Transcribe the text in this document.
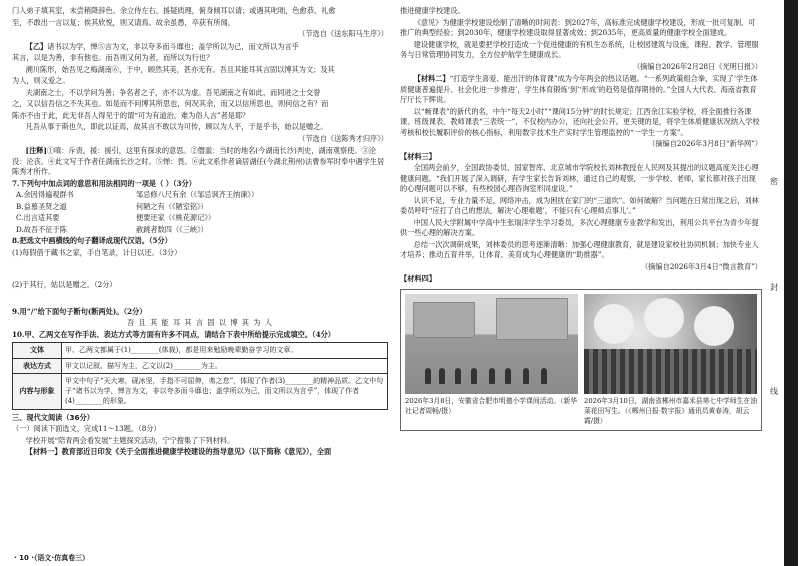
门人弟子填其室，未尝稍降辞色。余立侍左右，援疑质理，俯身倾耳以请；或遇其叱咄，色愈恭，礼愈

至，不敢出一言以复；俟其欣悦，则又请焉。故余虽愚，卒获有所闻。

（节选自《送东阳马生序》）

【乙】诸书以为学，惮⑤言为文，非以夸多而斗靡也；盖学所以为己，而文所以为言乎

其言，以是为善，非有他也。而吾则又何为者，而所以为行也？

溯川陈形，始吾见之梅湖南⑥，于中，顾然其美，甚亦无有。吾且其能耳其言固以博其为文；及其

为人，则又爱之。

夫湖南之士，不以学问为善；争名者之子，亦不以为虚。吾见湖南之有如此，而同进之士交誉

之，又以信吾信之不失其也。如是而不问博其所思也，何况其余，而又以信所思也，则何信之有？而

陈亦不由于此，此无非吾人得见于的谓“可为有道治，难为俗人言”者是耶？

凡吾从事于斯也久，即此以证焉，故其言不敢以为可传，顾以为人平，于是乎书，始以是赠之。

（节选自《送陈秀才归序》）

[注释]①嗔：斥责。援：援引，这里有探求的意思。②僭滥：当时的地名(今湖南长沙)判史，湖南观察使。③沦没：沦丧。④此文写于作者任湖南长沙之时。⑤惮：畏。⑥此文系作者谪居湖任(今湖北荆州)法曹参军时奉中遇学生居陈秀才所作。

7.下列句中加点词的意思和用法相同的一项是（ ）（3分）

A.余因得遍观群书	邹忌修八尺有余（《邹忌讽齐王纳谏》）

B.益慕圣贤之道	何陋之有（《陋室铭》）

C.出言适其要	便要还家（《桃花源记》）

D.故吾不征于陈	赦跳者数四（《三峡》）

8.把选文中画横线的句子翻译成现代汉语。（5分）

(1)每假借于藏书之家，手自笔录，计日以还。（3分）

(2)于其行，姑以是赠之。（2分）

9.用“/”给下面句子断句(断两处)。（2分）

吾 且 其 能 耳 其 言 固 以 博 其 为 人

10.甲、乙两文在写作手法、表达方式等方面有许多不同点，请结合下表中所给提示完成填空。（4分）

文体	甲、乙两文都属于(1)________(体裁)，都是用来勉励晚辈勤奋学习的文章。
表达方式	甲文以记叙、描写为主，乙文以(2)________为主。
内容与形象	甲文中句子“天大寒，砚冰坚，手指不可屈伸，弗之怠”，体现了作者(3)________的精神品质。乙文中句子“诸书以为学，惮言为文，非以夸多而斗靡也；盖学所以为己，而文所以为言乎”，体现了作者(4)________的形象。

三、现代文阅读（36分）

（一）阅读下面选文，完成11～13题。（8分）

学校开展“陪青两会看发展”主题探究活动，宁宁搜集了下列材料。

【材料一】教育部近日印发《关于全面推进健康学校建设的指导意见》（以下简称《意见》），全面

推进健康学校建设。

《意见》为健康学校建设绘制了清晰的时间表：到2027年，高标准完成健康学校建设，形成一批可复制、可推广的典型经验；到2030年，健康学校建设取得显著成效；到2035年，更高质量的健康学校全面建成。

建设健康学校，就是要把学校打造成一个促进健康的有机生态系统，让校园建筑与设施，课程、教学、管理服务与日常管理协同发力，全方位护航学生健康成长。

（摘编自2026年2月28日《光明日报》）

【材料二】“打造学生喜爱、能出汗的体育课”成为今年两会的热议话题。“一系列政策组合拳，实现了‘学生体质健康普遍提升、社会化进一步推进’，学生体育锻炼‘到’‘形成’的趋势是值得期待的。”全国人大代表、海南省教育厅厅长下辉说。

以“畅课表”的新代的名，中午“每天2小时”“课间15分钟”的时长规定；江西余江实验学校，将全面推行各课课、班级课表、教师课表“三表统一”，不仅校内办公，还向社会公开。更关键的是，将学生体质健康状况纳入学校考核和校长履职评价的核心指标，利用数字技术生产实时学生管理监控的“一学生一方案”。

（摘编自2026年3月8日“新华网”）

【材料三】

全国两会前夕，全国政协委员，国家智库、北京城市学院校长刘林教授在人民网及其提出的议题高度关注心理健康问题。“我们开展了深入调研，有学生家长告诉刘林，通过自己的观察，一步学校、老师，家长都对孩子出现的心理问题可以不够，有些校园心理咨询室形同虚设。”

认识不足，专业力量不足，网络冲击，成为困扰在家门的“三道坎”。如何破解？当问题在日常出现之后，刘林委员呼吁“应打了自己的想法，解决‘心理难题’，不能只有‘心理师点事儿’。”

中国人民大学附属中学高中生张瑞洋学生学习委员，多次心理健康专业教学和发出，利用公共平台为青少年提供一些心理的解决方案。

总结一次次调研成果，刘林委员的思考逐渐清晰：加强心理健康教育，就是建设家校社协同机制；加快专业人才培养；推动五育并举，让体育、美育成为心理健康的“助推器”。

（摘编自2026年3月4日“微言教育”）

【材料四】

2026年3月8日，安徽省合肥市明德小学课间活动。（新华社记者周畅/摄）
2026年3月10日，湖南省郴州市嘉禾县第七中学师生在油菜花田写生。（《郴州日报·数字报》通讯员黄春涛，胡云霞/摄）
密
封
线
· 10 ·（语文·仿真卷三）
